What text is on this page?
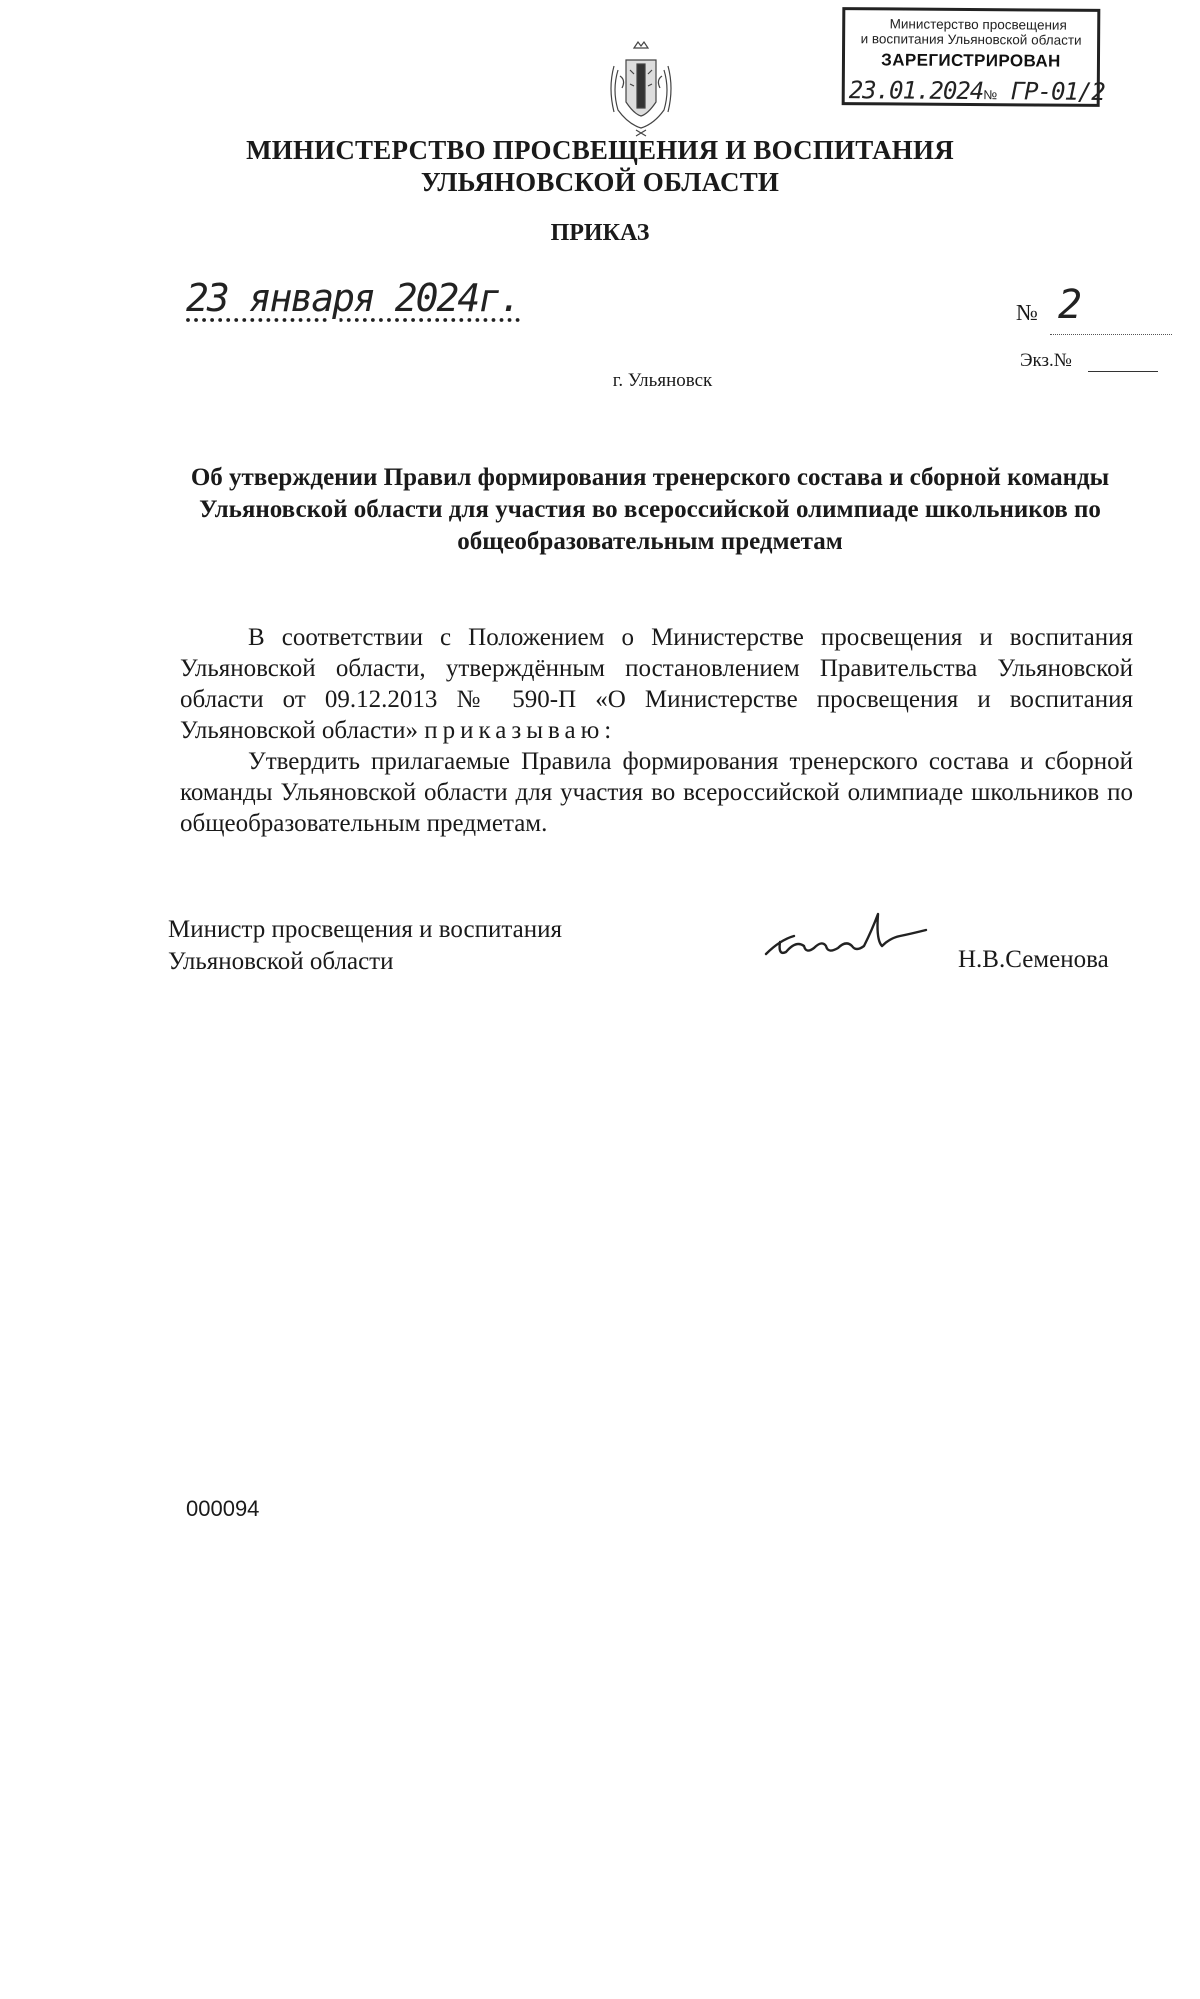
Министерство просвещения
и воспитания Ульяновской области
ЗАРЕГИСТРИРОВАН
23.01.2024№ ГР-01/2
МИНИСТЕРСТВО ПРОСВЕЩЕНИЯ И ВОСПИТАНИЯ
УЛЬЯНОВСКОЙ ОБЛАСТИ
ПРИКАЗ
23 января 2024г.	№ 2
Экз.№
г. Ульяновск
Об утверждении Правил формирования тренерского состава и сборной команды Ульяновской области для участия во всероссийской олимпиаде школьников по общеобразовательным предметам
В соответствии с Положением о Министерстве просвещения и воспитания Ульяновской области, утверждённым постановлением Правительства Ульяновской области от 09.12.2013 № 590-П «О Министерстве просвещения и воспитания Ульяновской области» приказываю:
Утвердить прилагаемые Правила формирования тренерского состава и сборной команды Ульяновской области для участия во всероссийской олимпиаде школьников по общеобразовательным предметам.
Министр просвещения и воспитания
Ульяновской области	Н.В.Семенова
000094
